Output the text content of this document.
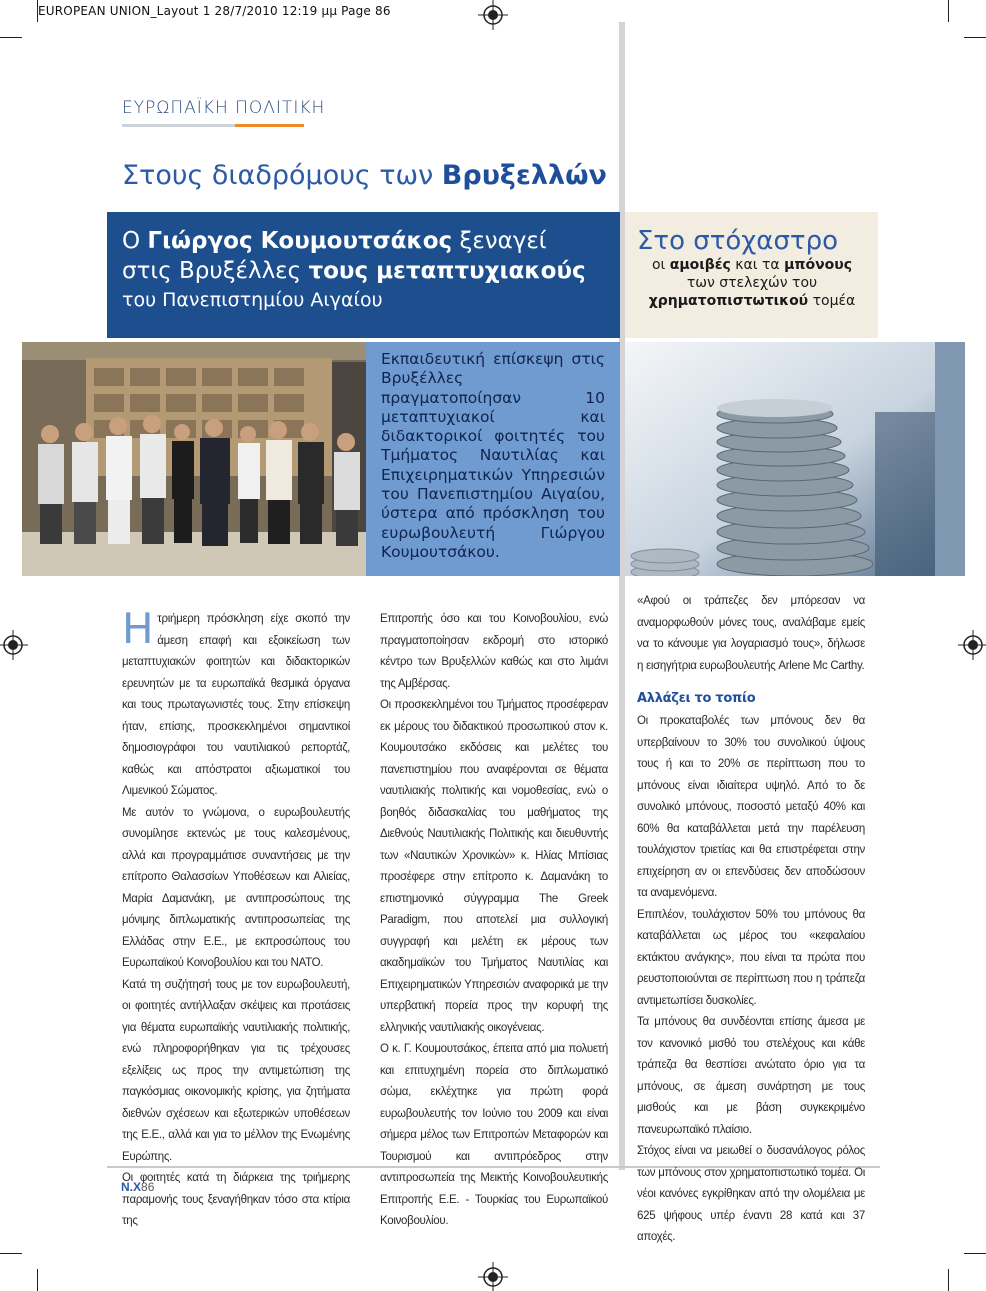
EUROPEAN UNION_Layout 1 28/7/2010 12:19 μμ Page 86
ΕΥΡΩΠΑΪΚΗ ΠΟΛΙΤΙΚΗ
Στους διαδρόμους των Βρυξελλών
Ο Γιώργος Κουμουτσάκος ξεναγεί
στις Βρυξέλλες τους μεταπτυχιακούς
του Πανεπιστημίου Αιγαίου
Στο στόχαστρο
οι αμοιβές και τα μπόνους
των στελεχών του
χρηματοπιστωτικού τομέα
Εκπαιδευτική επίσκεψη στις Βρυξέλλες πραγματοποίησαν 10 μεταπτυχιακοί και διδακτορικοί φοιτητές του Τμήματος Ναυτιλίας και Επιχειρηματικών Υπηρεσιών του Πανεπιστημίου Αιγαίου, ύστερα από πρόσκληση του ευρωβουλευτή Γιώργου Κουμουτσάκου.

Ητριήμερη πρόσκληση είχε σκοπό την άμεση επαφή και εξοικείωση των μεταπτυχιακών φοιτητών και διδακτορικών ερευνητών με τα ευρωπαϊκά θεσμικά όργανα και τους πρωταγωνιστές τους. Στην επίσκεψη ήταν, επίσης, προσκεκλημένοι σημαντικοί δημοσιογράφοι του ναυτιλιακού ρεπορτάζ, καθώς και απόστρατοι αξιωματικοί του Λιμενικού Σώματος.

Με αυτόν το γνώμονα, ο ευρωβουλευτής συνομίλησε εκτενώς με τους καλεσμένους, αλλά και προγραμμάτισε συναντήσεις με την επίτροπο Θαλασσίων Υποθέσεων και Αλιείας, Μαρία Δαμανάκη, με αντιπροσώπους της μόνιμης διπλωματικής αντιπροσωπείας της Ελλάδας στην Ε.Ε., με εκπροσώπους του Ευρωπαϊκού Κοινοβουλίου και του ΝΑΤΟ.

Κατά τη συζήτησή τους με τον ευρωβουλευτή, οι φοιτητές αντήλλαξαν σκέψεις και προτάσεις για θέματα ευρωπαϊκής ναυτιλιακής πολιτικής, ενώ πληροφορήθηκαν για τις τρέχουσες εξελίξεις ως προς την αντιμετώπιση της παγκόσμιας οικονομικής κρίσης, για ζητήματα διεθνών σχέσεων και εξωτερικών υποθέσεων της Ε.Ε., αλλά και για το μέλλον της Ενωμένης Ευρώπης.

Οι φοιτητές κατά τη διάρκεια της τριήμερης παραμονής τους ξεναγήθηκαν τόσο στα κτίρια της

Επιτροπής όσο και του Κοινοβουλίου, ενώ πραγματοποίησαν εκδρομή στο ιστορικό κέντρο των Βρυξελλών καθώς και στο λιμάνι της Αμβέρσας.

Οι προσκεκλημένοι του Τμήματος προσέφεραν εκ μέρους του διδακτικού προσωπικού στον κ. Κουμουτσάκο εκδόσεις και μελέτες του πανεπιστημίου που αναφέρονται σε θέματα ναυτιλιακής πολιτικής και νομοθεσίας, ενώ ο βοηθός διδασκαλίας του μαθήματος της Διεθνούς Ναυτιλιακής Πολιτικής και διευθυντής των «Ναυτικών Χρονικών» κ. Ηλίας Μπίσιας προσέφερε στην επίτροπο κ. Δαμανάκη το επιστημονικό σύγγραμμα The Greek Paradigm, που αποτελεί μια συλλογική συγγραφή και μελέτη εκ μέρους των ακαδημαϊκών του Τμήματος Ναυτιλίας και Επιχειρηματικών Υπηρεσιών αναφορικά με την υπερβατική πορεία προς την κορυφή της ελληνικής ναυτιλιακής οικογένειας.

Ο κ. Γ. Κουμουτσάκος, έπειτα από μια πολυετή και επιτυχημένη πορεία στο διπλωματικό σώμα, εκλέχτηκε για πρώτη φορά ευρωβουλευτής τον Ιούνιο του 2009 και είναι σήμερα μέλος των Επιτροπών Μεταφορών και Τουρισμού και αντιπρόεδρος στην αντιπροσωπεία της Μεικτής Κοινοβουλευτικής Επιτροπής Ε.Ε. - Τουρκίας του Ευρωπαϊκού Κοινοβουλίου.

«Αφού οι τράπεζες δεν μπόρεσαν να αναμορφωθούν μόνες τους, αναλάβαμε εμείς να το κάνουμε για λογαριασμό τους», δήλωσε η εισηγήτρια ευρωβουλευτής Arlene Mc Carthy.

Αλλάζει το τοπίο

Οι προκαταβολές των μπόνους δεν θα υπερβαίνουν το 30% του συνολικού ύψους τους ή και το 20% σε περίπτωση που το μπόνους είναι ιδιαίτερα υψηλό. Από το δε συνολικό μπόνους, ποσοστό μεταξύ 40% και 60% θα καταβάλλεται μετά την παρέλευση τουλάχιστον τριετίας και θα επιστρέφεται στην επιχείρηση αν οι επενδύσεις δεν αποδώσουν τα αναμενόμενα.

Επιπλέον, τουλάχιστον 50% του μπόνους θα καταβάλλεται ως μέρος του «κεφαλαίου εκτάκτου ανάγκης», που είναι τα πρώτα που ρευστοποιούνται σε περίπτωση που η τράπεζα αντιμετωπίσει δυσκολίες.

Τα μπόνους θα συνδέονται επίσης άμεσα με τον κανονικό μισθό του στελέχους και κάθε τράπεζα θα θεσπίσει ανώτατο όριο για τα μπόνους, σε άμεση συνάρτηση με τους μισθούς και με βάση συγκεκριμένο πανευρωπαϊκό πλαίσιο.

Στόχος είναι να μειωθεί ο δυσανάλογος ρόλος των μπόνους στον χρηματοπιστωτικό τομέα. Οι νέοι κανόνες εγκρίθηκαν από την ολομέλεια με 625 ψήφους υπέρ έναντι 28 κατά και 37 αποχές.

N.X86
